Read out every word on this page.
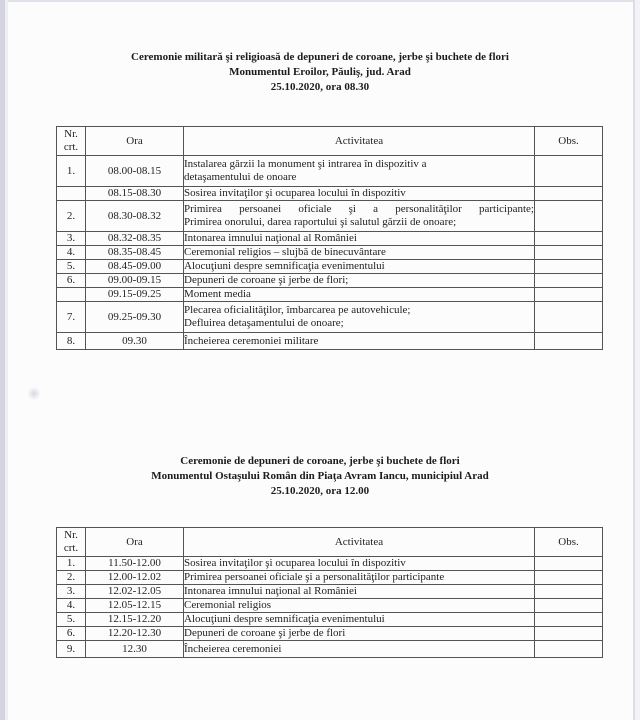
Ceremonie militară şi religioasă de depuneri de coroane, jerbe şi buchete de flori
Monumentul Eroilor, Păuliş, jud. Arad
25.10.2020, ora 08.30
Nr.
crt.	Ora	Activitatea	Obs.

1.	08.00-08.15	Instalarea gărzii la monument şi intrarea în dispozitiv a
detaşamentului de onoare	

	08.15-08.30	Sosirea invitaţilor şi ocuparea locului în dispozitiv	

2.	08.30-08.32	Primirea persoanei oficiale şi a personalităţilor participante;
Primirea onorului, darea raportului şi salutul gărzii de onoare;	

3.	08.32-08.35	Intonarea imnului naţional al României	

4.	08.35-08.45	Ceremonial religios – slujbă de binecuvântare	

5.	08.45-09.00	Alocuţiuni despre semnificaţia evenimentului	

6.	09.00-09.15	Depuneri de coroane şi jerbe de flori;	

	09.15-09.25	Moment media	

7.	09.25-09.30	Plecarea oficialităţilor, îmbarcarea pe autovehicule;
Defluirea detaşamentului de onoare;	

8.	09.30	Încheierea ceremoniei militare	

Ceremonie de depuneri de coroane, jerbe şi buchete de flori
Monumentul Ostaşului Român din Piaţa Avram Iancu, municipiul Arad
25.10.2020, ora 12.00
Nr.
crt.	Ora	Activitatea	Obs.

1.	11.50-12.00	Sosirea invitaţilor şi ocuparea locului în dispozitiv	

2.	12.00-12.02	Primirea persoanei oficiale şi a personalităţilor participante	

3.	12.02-12.05	Intonarea imnului naţional al României	

4.	12.05-12.15	Ceremonial religios	

5.	12.15-12.20	Alocuţiuni despre semnificaţia evenimentului	

6.	12.20-12.30	Depuneri de coroane şi jerbe de flori	

9.	12.30	Încheierea ceremoniei	
